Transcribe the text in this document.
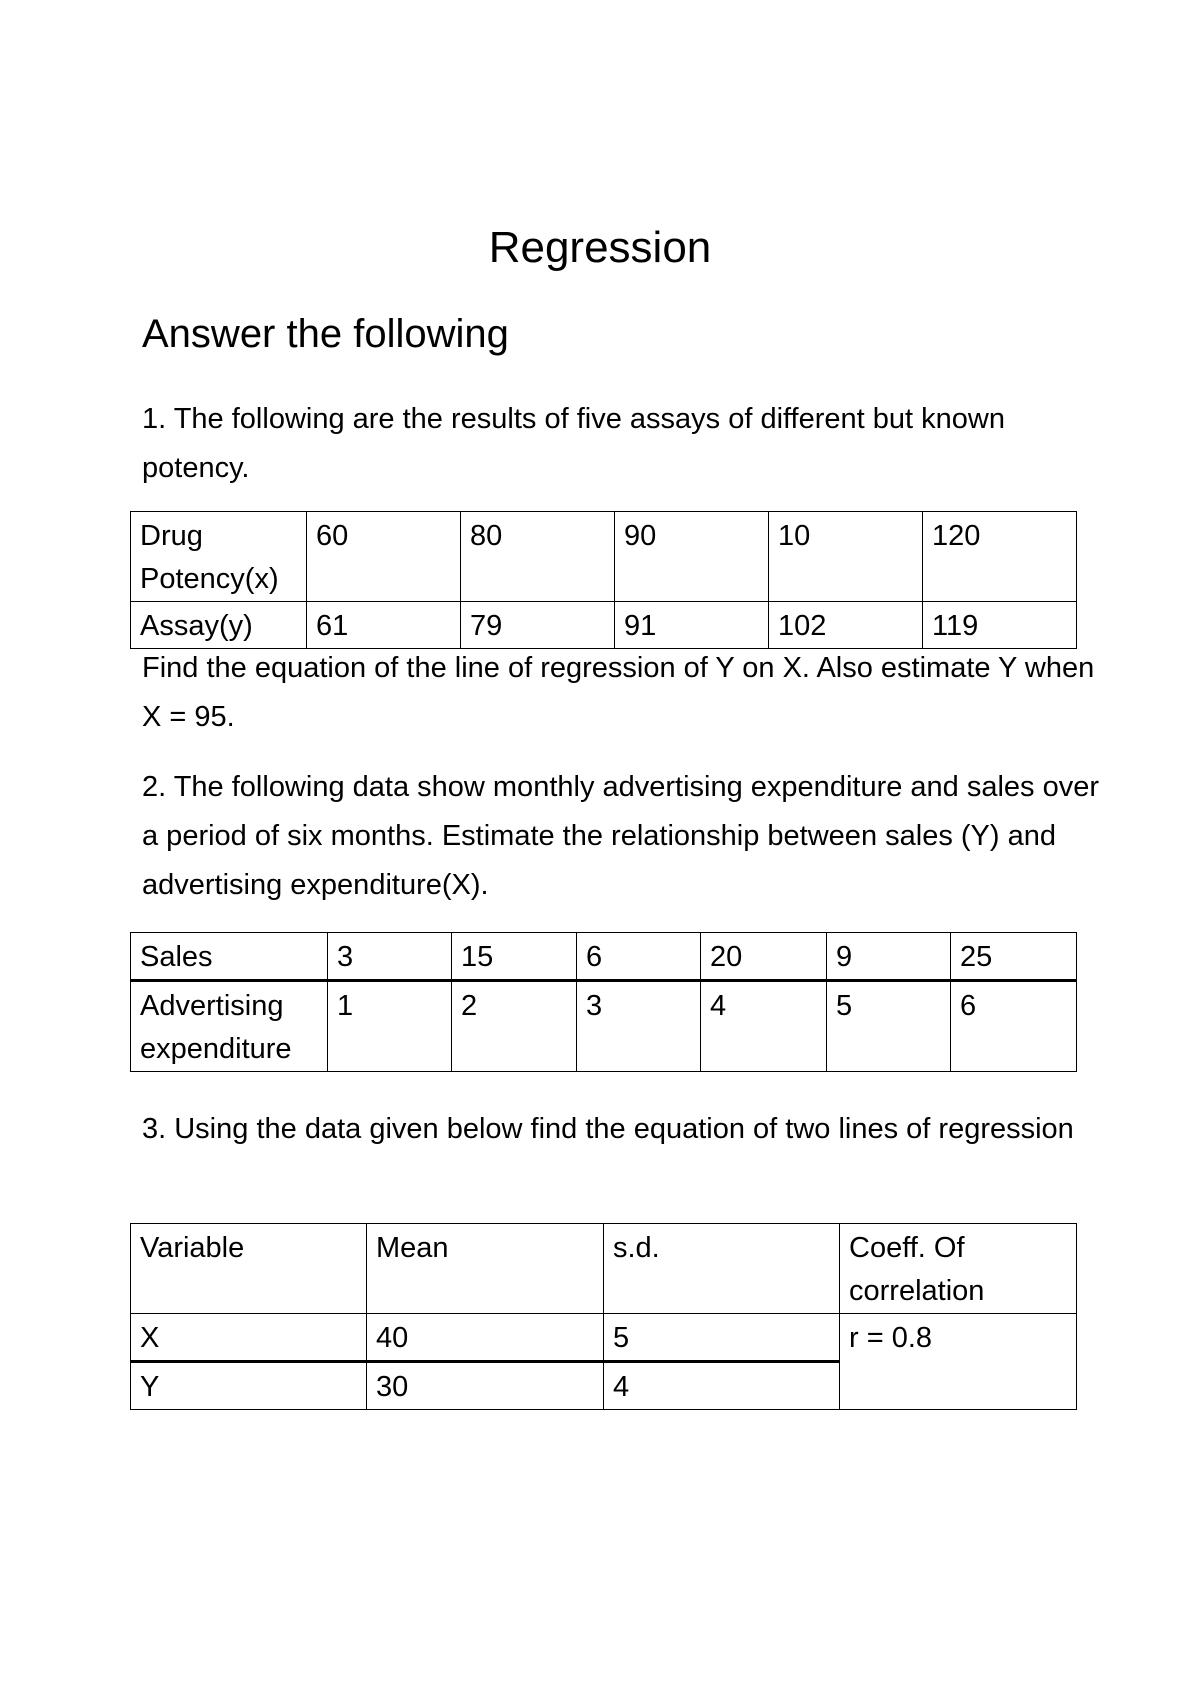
Regression
Answer the following
1. The following are the results of five assays of different but known potency.
Drug Potency(x)	60	80	90	10	120
Assay(y)	61	79	91	102	119
Find the equation of the line of regression of Y on X. Also estimate Y when X = 95.
2. The following data show monthly advertising expenditure and sales over a period of six months. Estimate the relationship between sales (Y) and advertising expenditure(X).
Sales	3	15	6	20	9	25
Advertising expenditure	1	2	3	4	5	6
3. Using the data given below find the equation of two lines of regression
Variable	Mean	s.d.	Coeff. Of correlation
X	40	5	r = 0.8
Y	30	4	
